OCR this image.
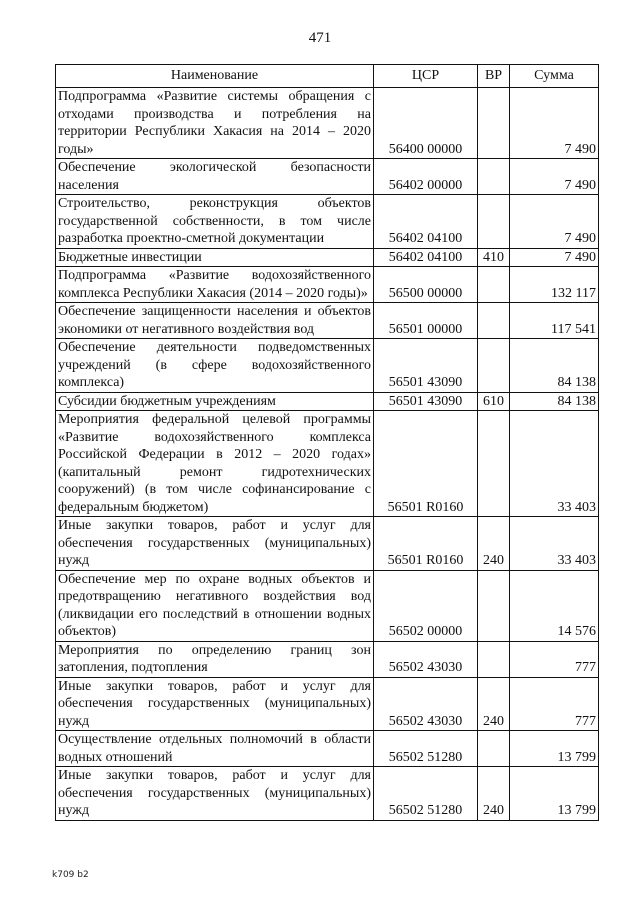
471
Наименование	ЦСР	ВР	Сумма
Подпрограмма «Развитие системы обращения с отходами производства и потребления на территории Республики Хакасия на 2014 – 2020 годы»	56400 00000		7 490
Обеспечение экологической безопасности населения	56402 00000		7 490
Строительство, реконструкция объектов государственной собственности, в том числе разработка проектно-сметной документации	56402 04100		7 490
Бюджетные инвестиции	56402 04100	410	7 490
Подпрограмма «Развитие водохозяйственного комплекса Республики Хакасия (2014 – 2020 годы)»	56500 00000		132 117
Обеспечение защищенности населения и объектов экономики от негативного воздействия вод	56501 00000		117 541
Обеспечение деятельности подведомственных учреждений (в сфере водохозяйственного комплекса)	56501 43090		84 138
Субсидии бюджетным учреждениям	56501 43090	610	84 138
Мероприятия федеральной целевой программы «Развитие водохозяйственного комплекса Российской Федерации в 2012 – 2020 годах» (капитальный ремонт гидротехнических сооружений) (в том числе софинансирование с федеральным бюджетом)	56501 R0160		33 403
Иные закупки товаров, работ и услуг для обеспечения государственных (муниципальных) нужд	56501 R0160	240	33 403
Обеспечение мер по охране водных объектов и предотвращению негативного воздействия вод (ликвидации его последствий в отношении водных объектов)	56502 00000		14 576
Мероприятия по определению границ зон затопления, подтопления	56502 43030		777
Иные закупки товаров, работ и услуг для обеспечения государственных (муниципальных) нужд	56502 43030	240	777
Осуществление отдельных полномочий в области водных отношений	56502 51280		13 799
Иные закупки товаров, работ и услуг для обеспечения государственных (муниципальных) нужд	56502 51280	240	13 799
k709 b2
